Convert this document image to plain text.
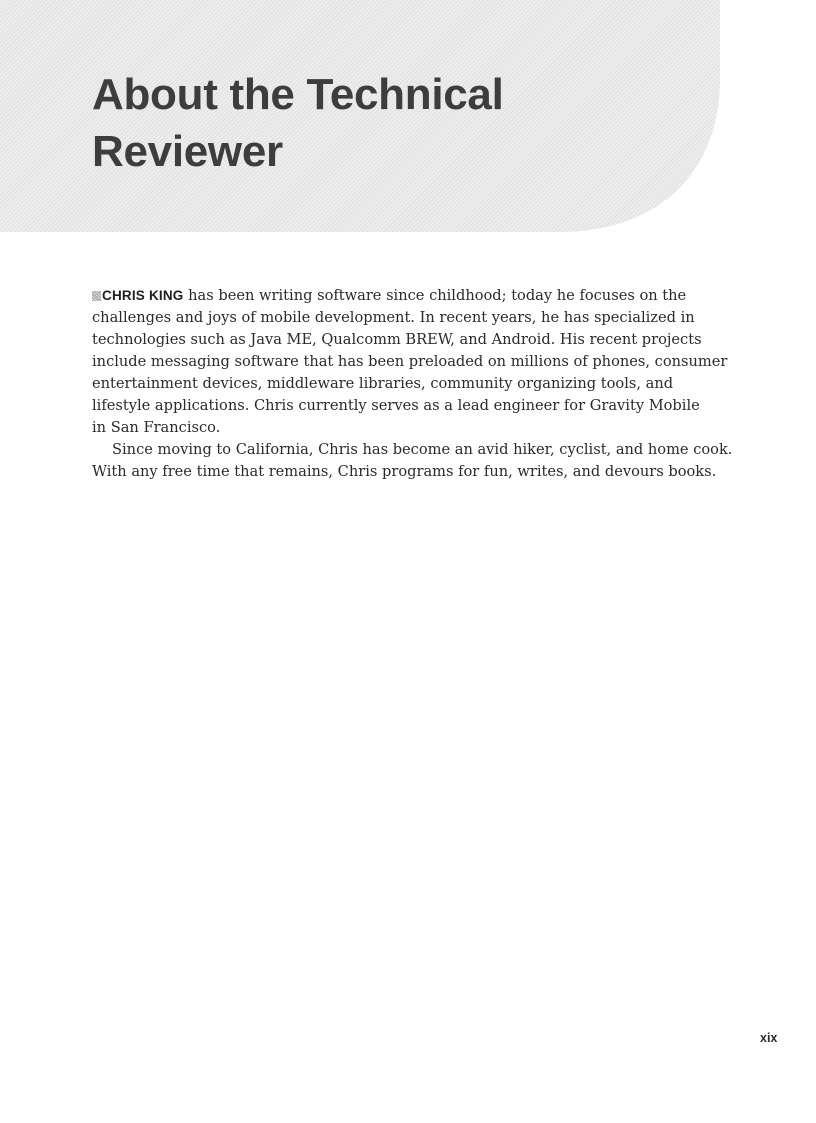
About the Technical
Reviewer

CHRIS KING has been writing software since childhood; today he focuses on the
challenges and joys of mobile development. In recent years, he has specialized in
technologies such as Java ME, Qualcomm BREW, and Android. His recent projects
include messaging software that has been preloaded on millions of phones, consumer
entertainment devices, middleware libraries, community organizing tools, and
lifestyle applications. Chris currently serves as a lead engineer for Gravity Mobile
in San Francisco.

Since moving to California, Chris has become an avid hiker, cyclist, and home cook.
With any free time that remains, Chris programs for fun, writes, and devours books.

xix
